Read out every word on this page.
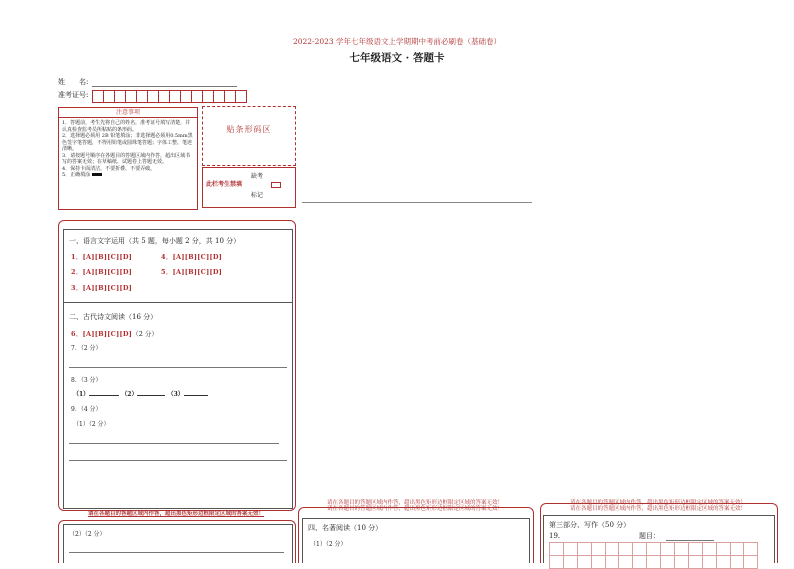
2022-2023 学年七年级语文上学期期中考前必刷卷（基础卷）
七年级语文 · 答题卡
姓　　名:
准考证号:
注意事项
1．答题前，考生先将自己的姓名，准考证号填写清楚，并认真检查监考员所粘贴的条形码。
2．选择题必须用 2B 铅笔填涂；非选择题必须用0.5mm黑色签字笔答题，不得用铅笔或圆珠笔答题；字体工整、笔迹清晰。
3．请按题号顺序在各题目的答题区域内作答，超出区域书写的答案无效；在草稿纸、试题卷上答题无效。
4．保持卡面清洁，不要折叠、不要弄破。
5．正确填涂
贴条形码区
缺考
此栏考生禁填
标记
一、语言文字运用（共 5 题，每小题 2 分，共 10 分）
1．[A][B][C][D]	4．[A][B][C][D]
2．[A][B][C][D]	5．[A][B][C][D]
3．[A][B][C][D]
二、古代诗文阅读（16 分）
6．[A][B][C][D]（2 分）
7．（2 分）
8．（3 分）
（1）	（2）	（3）
9．（4 分）
（1）（2 分）
请在各题目的答题区域内作答，超出黑色矩形边框限定区域的答案无效！
（2）（2 分）
请在各题目的答题区域内作答，超出黑色矩形边框限定区域的答案无效！
请在各题目的答题区域内作答，超出黑色矩形边框限定区域的答案无效！
四、名著阅读（10 分）
（1）（2 分）
请在各题目的答题区域内作答，超出黑色矩形边框限定区域的答案无效！
请在各题目的答题区域内作答，超出黑色矩形边框限定区域的答案无效！
第三部分、写作（50 分）
19.	题目：
